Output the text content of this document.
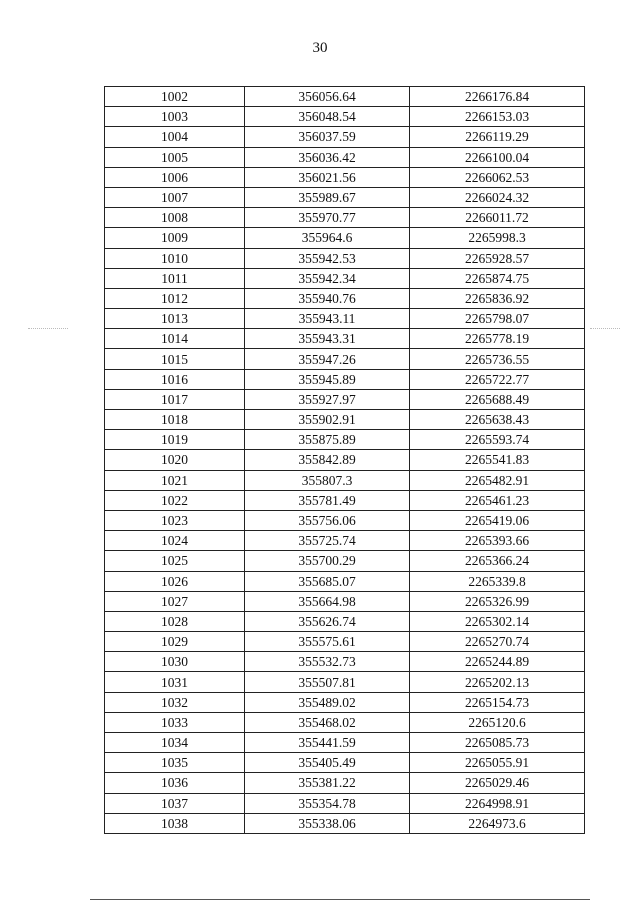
30
1002	356056.64	2266176.84
1003	356048.54	2266153.03
1004	356037.59	2266119.29
1005	356036.42	2266100.04
1006	356021.56	2266062.53
1007	355989.67	2266024.32
1008	355970.77	2266011.72
1009	355964.6	2265998.3
1010	355942.53	2265928.57
1011	355942.34	2265874.75
1012	355940.76	2265836.92
1013	355943.11	2265798.07
1014	355943.31	2265778.19
1015	355947.26	2265736.55
1016	355945.89	2265722.77
1017	355927.97	2265688.49
1018	355902.91	2265638.43
1019	355875.89	2265593.74
1020	355842.89	2265541.83
1021	355807.3	2265482.91
1022	355781.49	2265461.23
1023	355756.06	2265419.06
1024	355725.74	2265393.66
1025	355700.29	2265366.24
1026	355685.07	2265339.8
1027	355664.98	2265326.99
1028	355626.74	2265302.14
1029	355575.61	2265270.74
1030	355532.73	2265244.89
1031	355507.81	2265202.13
1032	355489.02	2265154.73
1033	355468.02	2265120.6
1034	355441.59	2265085.73
1035	355405.49	2265055.91
1036	355381.22	2265029.46
1037	355354.78	2264998.91
1038	355338.06	2264973.6
